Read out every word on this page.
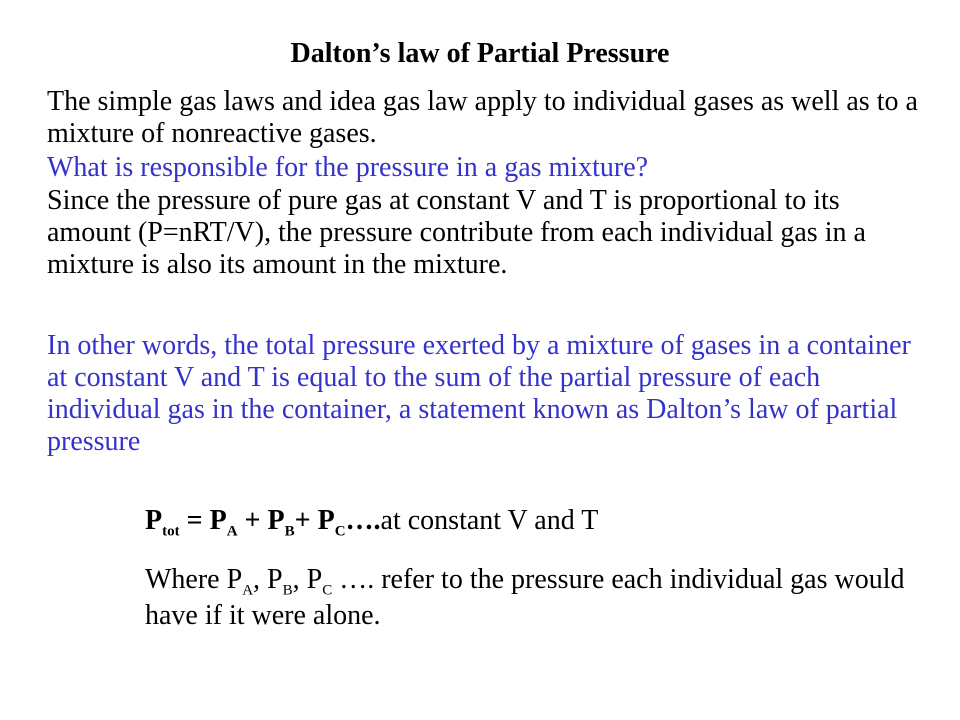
Dalton’s law of Partial Pressure

The simple gas laws and idea gas law apply to individual gases as well as to a mixture of nonreactive gases.

What is responsible for the pressure in a gas mixture?

Since the pressure of pure gas at constant V and T is proportional to its amount (P=nRT/V), the pressure contribute from each individual gas in a mixture is also its amount in the mixture.

In other words, the total pressure exerted by a mixture of gases in a container at constant V and T is equal to the sum of the partial pressure of each individual gas in the container, a statement known as Dalton’s law of partial pressure

$P_{tot} = P_A + P_B+$ $P_C\dots.at$ constant V and T

Where $P_A$, $P_B$, $P_C$ …. refer to the pressure each individual gas would have if it were alone.
